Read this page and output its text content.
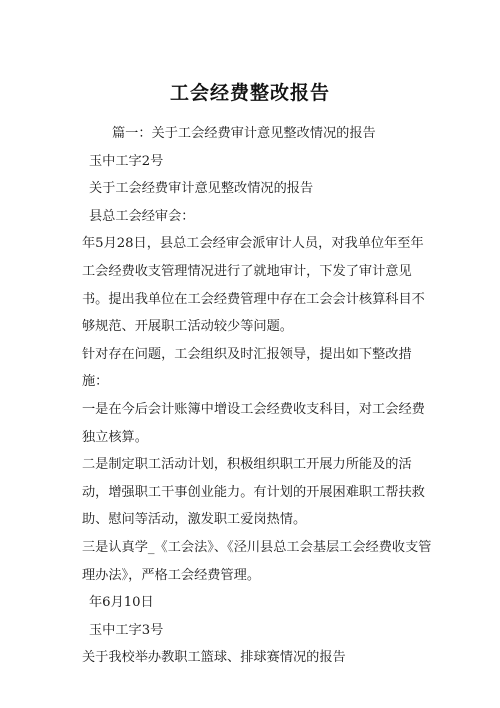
工会经费整改报告

篇一：关于工会经费审计意见整改情况的报告

玉中工字2号

关于工会经费审计意见整改情况的报告

县总工会经审会：

年5月28日，县总工会经审会派审计人员，对我单位年至年工会经费收支管理情况进行了就地审计，下发了审计意见书。提出我单位在工会经费管理中存在工会会计核算科目不够规范、开展职工活动较少等问题。

针对存在问题，工会组织及时汇报领导，提出如下整改措施：

一是在今后会计账簿中增设工会经费收支科目，对工会经费独立核算。

二是制定职工活动计划，积极组织职工开展力所能及的活动，增强职工干事创业能力。有计划的开展困难职工帮扶救助、慰问等活动，激发职工爱岗热情。

三是认真学_《工会法》、《泾川县总工会基层工会经费收支管理办法》，严格工会经费管理。

年6月10日

玉中工字3号

关于我校举办教职工篮球、排球赛情况的报告
